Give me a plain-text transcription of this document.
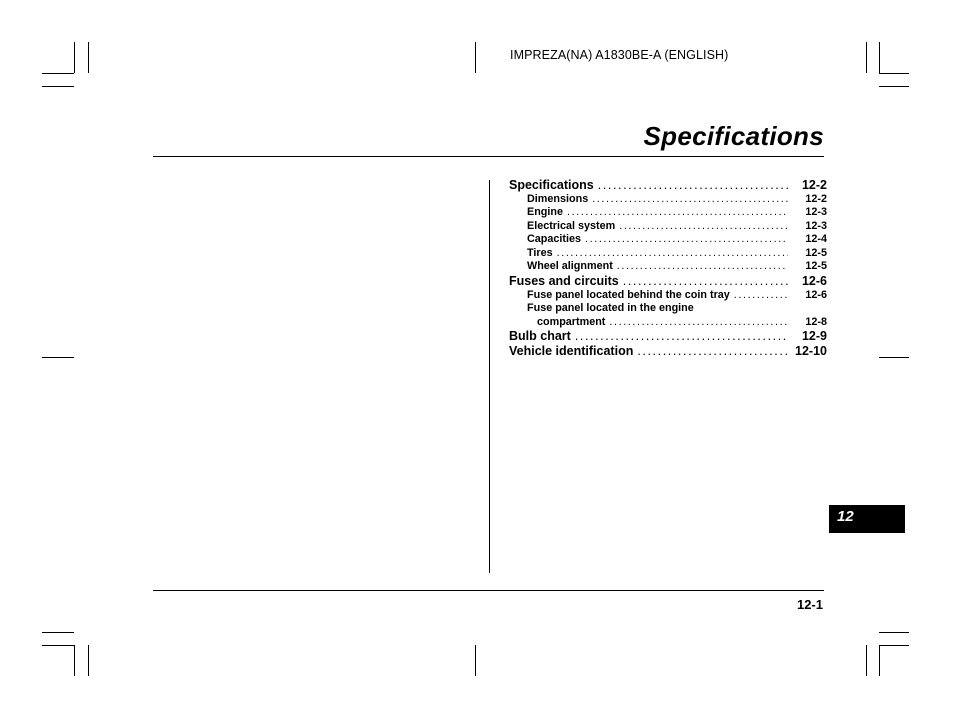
IMPREZA(NA) A1830BE-A (ENGLISH)
Specifications
Specifications .....	12-2
Dimensions .....	12-2
Engine .....	12-3
Electrical system .....	12-3
Capacities .....	12-4
Tires .....	12-5
Wheel alignment .....	12-5
Fuses and circuits .....	12-6
Fuse panel located behind the coin tray .....	12-6
Fuse panel located in the engine
compartment .....	12-8
Bulb chart .....	12-9
Vehicle identification .....	12-10
12
12-1
